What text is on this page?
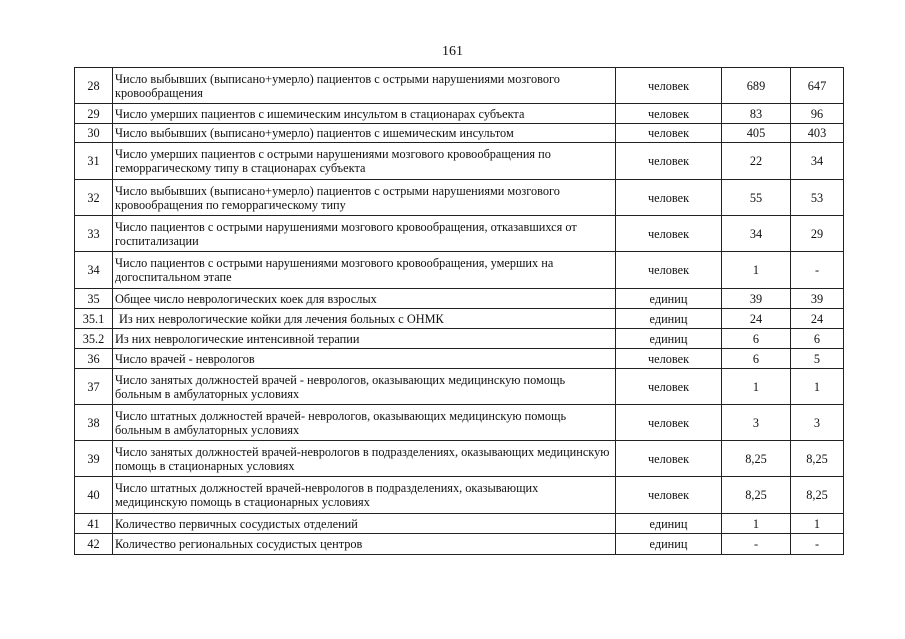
161
28	Число выбывших (выписано+умерло) пациентов с острыми нарушениями мозгового кровообращения	человек	689	647
29	Число умерших пациентов с ишемическим инсультом в стационарах субъекта	человек	83	96
30	Число выбывших (выписано+умерло) пациентов с ишемическим инсультом	человек	405	403
31	Число умерших пациентов с острыми нарушениями мозгового кровообращения по геморрагическому типу в стационарах субъекта	человек	22	34
32	Число выбывших (выписано+умерло) пациентов с острыми нарушениями мозгового кровообращения по геморрагическому типу	человек	55	53
33	Число пациентов с острыми нарушениями мозгового кровообращения, отказавшихся от госпитализации	человек	34	29
34	Число пациентов с острыми нарушениями мозгового кровообращения, умерших на догоспитальном этапе	человек	1	-
35	Общее число неврологических коек для взрослых	единиц	39	39
35.1	Из них неврологические койки для лечения больных с ОНМК	единиц	24	24
35.2	Из них неврологические интенсивной терапии	единиц	6	6
36	Число врачей - неврологов	человек	6	5
37	Число занятых должностей врачей - неврологов, оказывающих медицинскую помощь больным в амбулаторных условиях	человек	1	1
38	Число штатных должностей врачей- неврологов, оказывающих медицинскую помощь больным в амбулаторных условиях	человек	3	3
39	Число занятых должностей врачей-неврологов в подразделениях, оказывающих медицинскую помощь в стационарных условиях	человек	8,25	8,25
40	Число штатных должностей врачей-неврологов в подразделениях, оказывающих медицинскую помощь в стационарных условиях	человек	8,25	8,25
41	Количество первичных сосудистых отделений	единиц	1	1
42	Количество региональных сосудистых центров	единиц	-	-
